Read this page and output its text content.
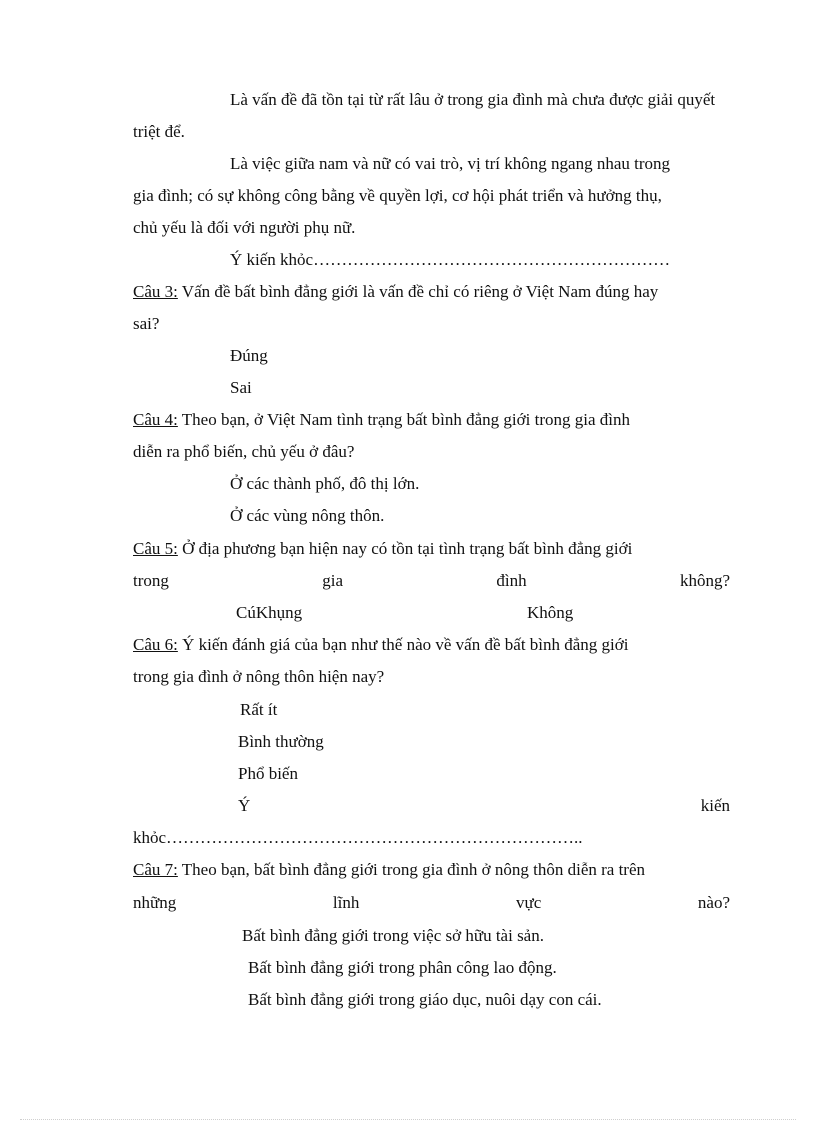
Là vấn đề đã tồn tại từ rất lâu ở trong gia đình mà chưa được giải quyết
triệt để.
Là việc giữa nam và nữ có vai trò, vị trí không ngang nhau trong
gia đình; có sự không công bằng về quyền lợi, cơ hội phát triển và hưởng thụ,
chủ yếu là đối với người phụ nữ.
Ý kiến khỏc………………………………………………………
Câu 3: Vấn đề bất bình đẳng giới là vấn đề chỉ có riêng ở Việt Nam đúng hay
sai?
Đúng
Sai
Câu 4: Theo bạn, ở Việt Nam tình trạng bất bình đẳng giới trong gia đình
diễn ra phổ biến, chủ yếu ở đâu?
Ở các thành phố, đô thị lớn.
Ở các vùng nông thôn.
Câu 5: Ở địa phương bạn hiện nay có tồn tại tình trạng bất bình đẳng giới
trong	gia	đình	không?
CúKhụng	Không
Câu 6: Ý kiến đánh giá của bạn như thế nào về vấn đề bất bình đẳng giới
trong gia đình ở nông thôn hiện nay?
Rất ít
Bình thường
Phổ biến
Ý	kiến
khỏc………………………………………………………………..
Câu 7: Theo bạn, bất bình đẳng giới trong gia đình ở nông thôn diễn ra trên
những	lĩnh	vực	nào?
Bất bình đẳng giới trong việc sở hữu tài sản.
Bất bình đẳng giới trong phân công lao động.
Bất bình đẳng giới trong giáo dục, nuôi dạy con cái.
